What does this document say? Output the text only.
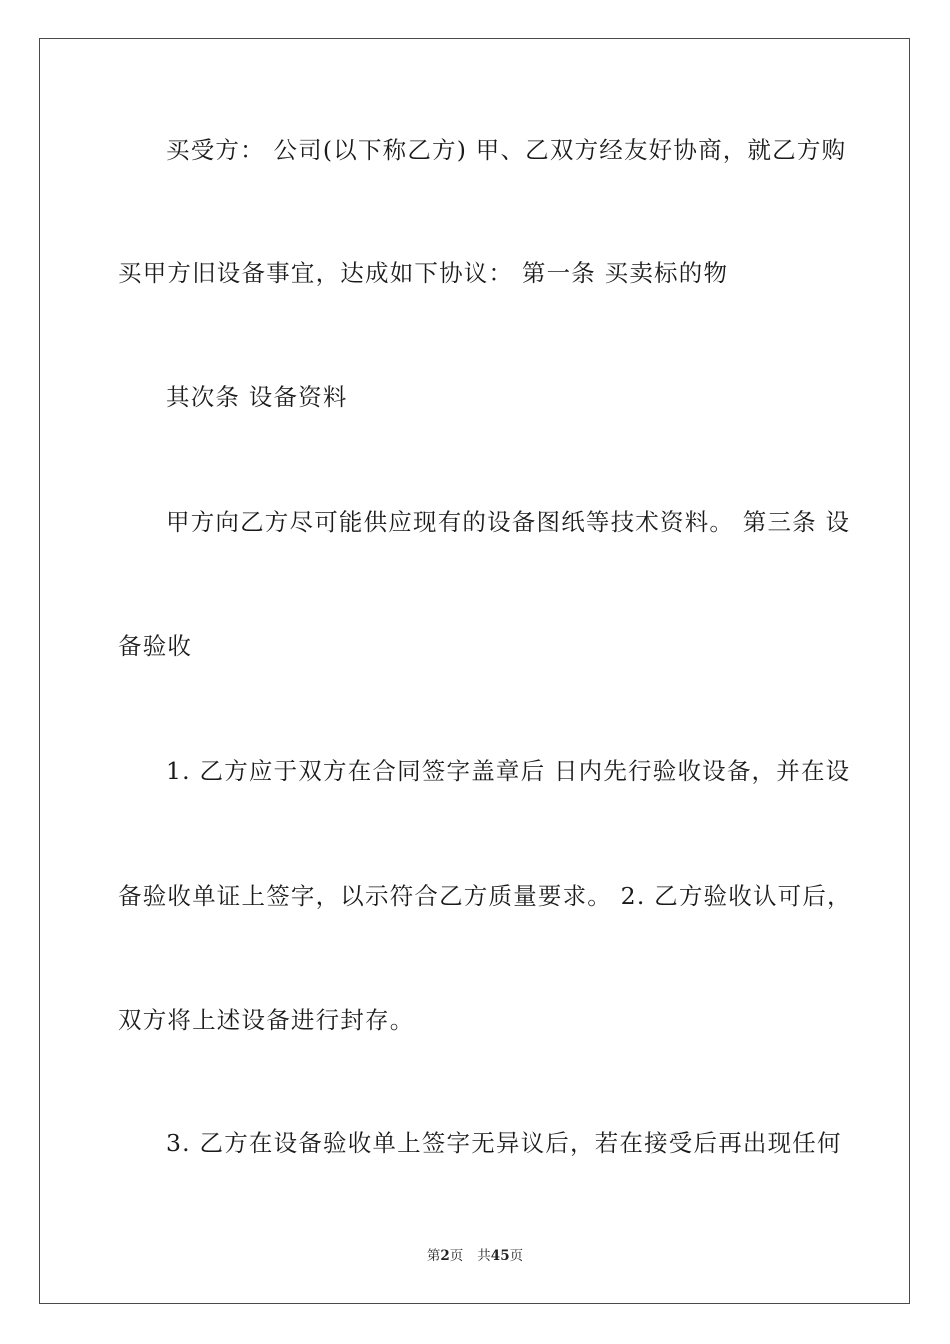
买受方： 公司(以下称乙方) 甲、乙双方经友好协商，就乙方购
买甲方旧设备事宜，达成如下协议： 第一条 买卖标的物
其次条 设备资料
甲方向乙方尽可能供应现有的设备图纸等技术资料。 第三条 设
备验收
1. 乙方应于双方在合同签字盖章后 日内先行验收设备，并在设
备验收单证上签字，以示符合乙方质量要求。 2. 乙方验收认可后，
双方将上述设备进行封存。
3. 乙方在设备验收单上签字无异议后，若在接受后再出现任何
第2页 共45页
